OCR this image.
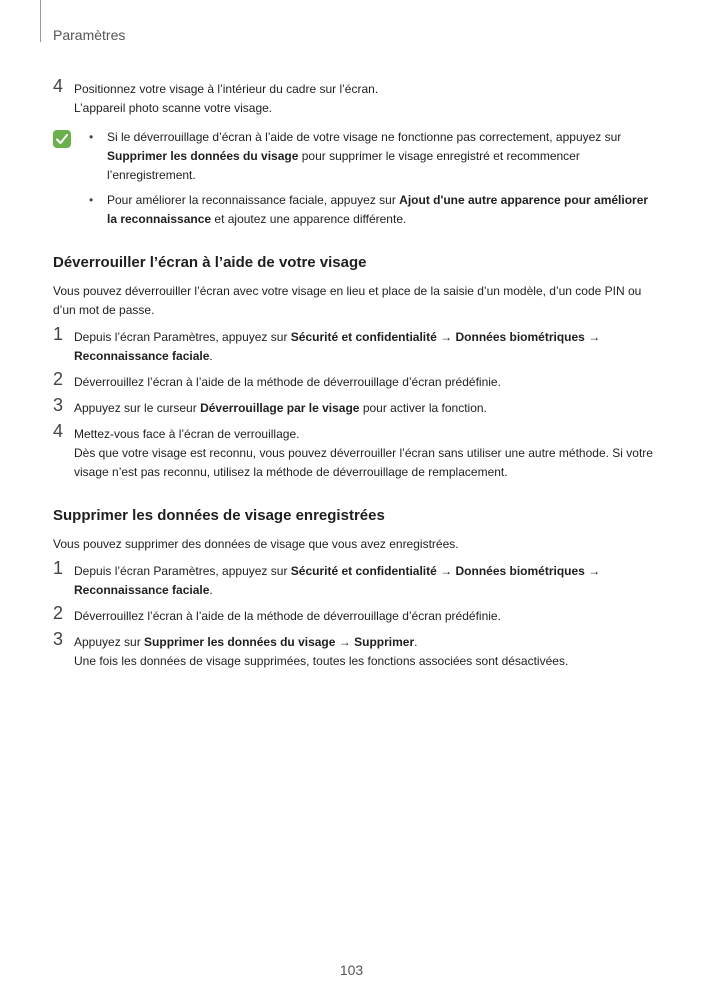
Paramètres
4 Positionnez votre visage à l’intérieur du cadre sur l’écran.

L’appareil photo scanne votre visage.

• Si le déverrouillage d’écran à l’aide de votre visage ne fonctionne pas correctement, appuyez sur Supprimer les données du visage pour supprimer le visage enregistré et recommencer l’enregistrement.

• Pour améliorer la reconnaissance faciale, appuyez sur Ajout d'une autre apparence pour améliorer la reconnaissance et ajoutez une apparence différente.

Déverrouiller l’écran à l’aide de votre visage

Vous pouvez déverrouiller l’écran avec votre visage en lieu et place de la saisie d’un modèle, d’un code PIN ou d’un mot de passe.

1 Depuis l’écran Paramètres, appuyez sur Sécurité et confidentialité → Données biométriques → Reconnaissance faciale.

2 Déverrouillez l’écran à l’aide de la méthode de déverrouillage d’écran prédéfinie.

3 Appuyez sur le curseur Déverrouillage par le visage pour activer la fonction.

4 Mettez-vous face à l’écran de verrouillage.

Dès que votre visage est reconnu, vous pouvez déverrouiller l’écran sans utiliser une autre méthode. Si votre visage n’est pas reconnu, utilisez la méthode de déverrouillage de remplacement.

Supprimer les données de visage enregistrées

Vous pouvez supprimer des données de visage que vous avez enregistrées.

1 Depuis l’écran Paramètres, appuyez sur Sécurité et confidentialité → Données biométriques → Reconnaissance faciale.

2 Déverrouillez l’écran à l’aide de la méthode de déverrouillage d’écran prédéfinie.

3 Appuyez sur Supprimer les données du visage → Supprimer.

Une fois les données de visage supprimées, toutes les fonctions associées sont désactivées.

103
